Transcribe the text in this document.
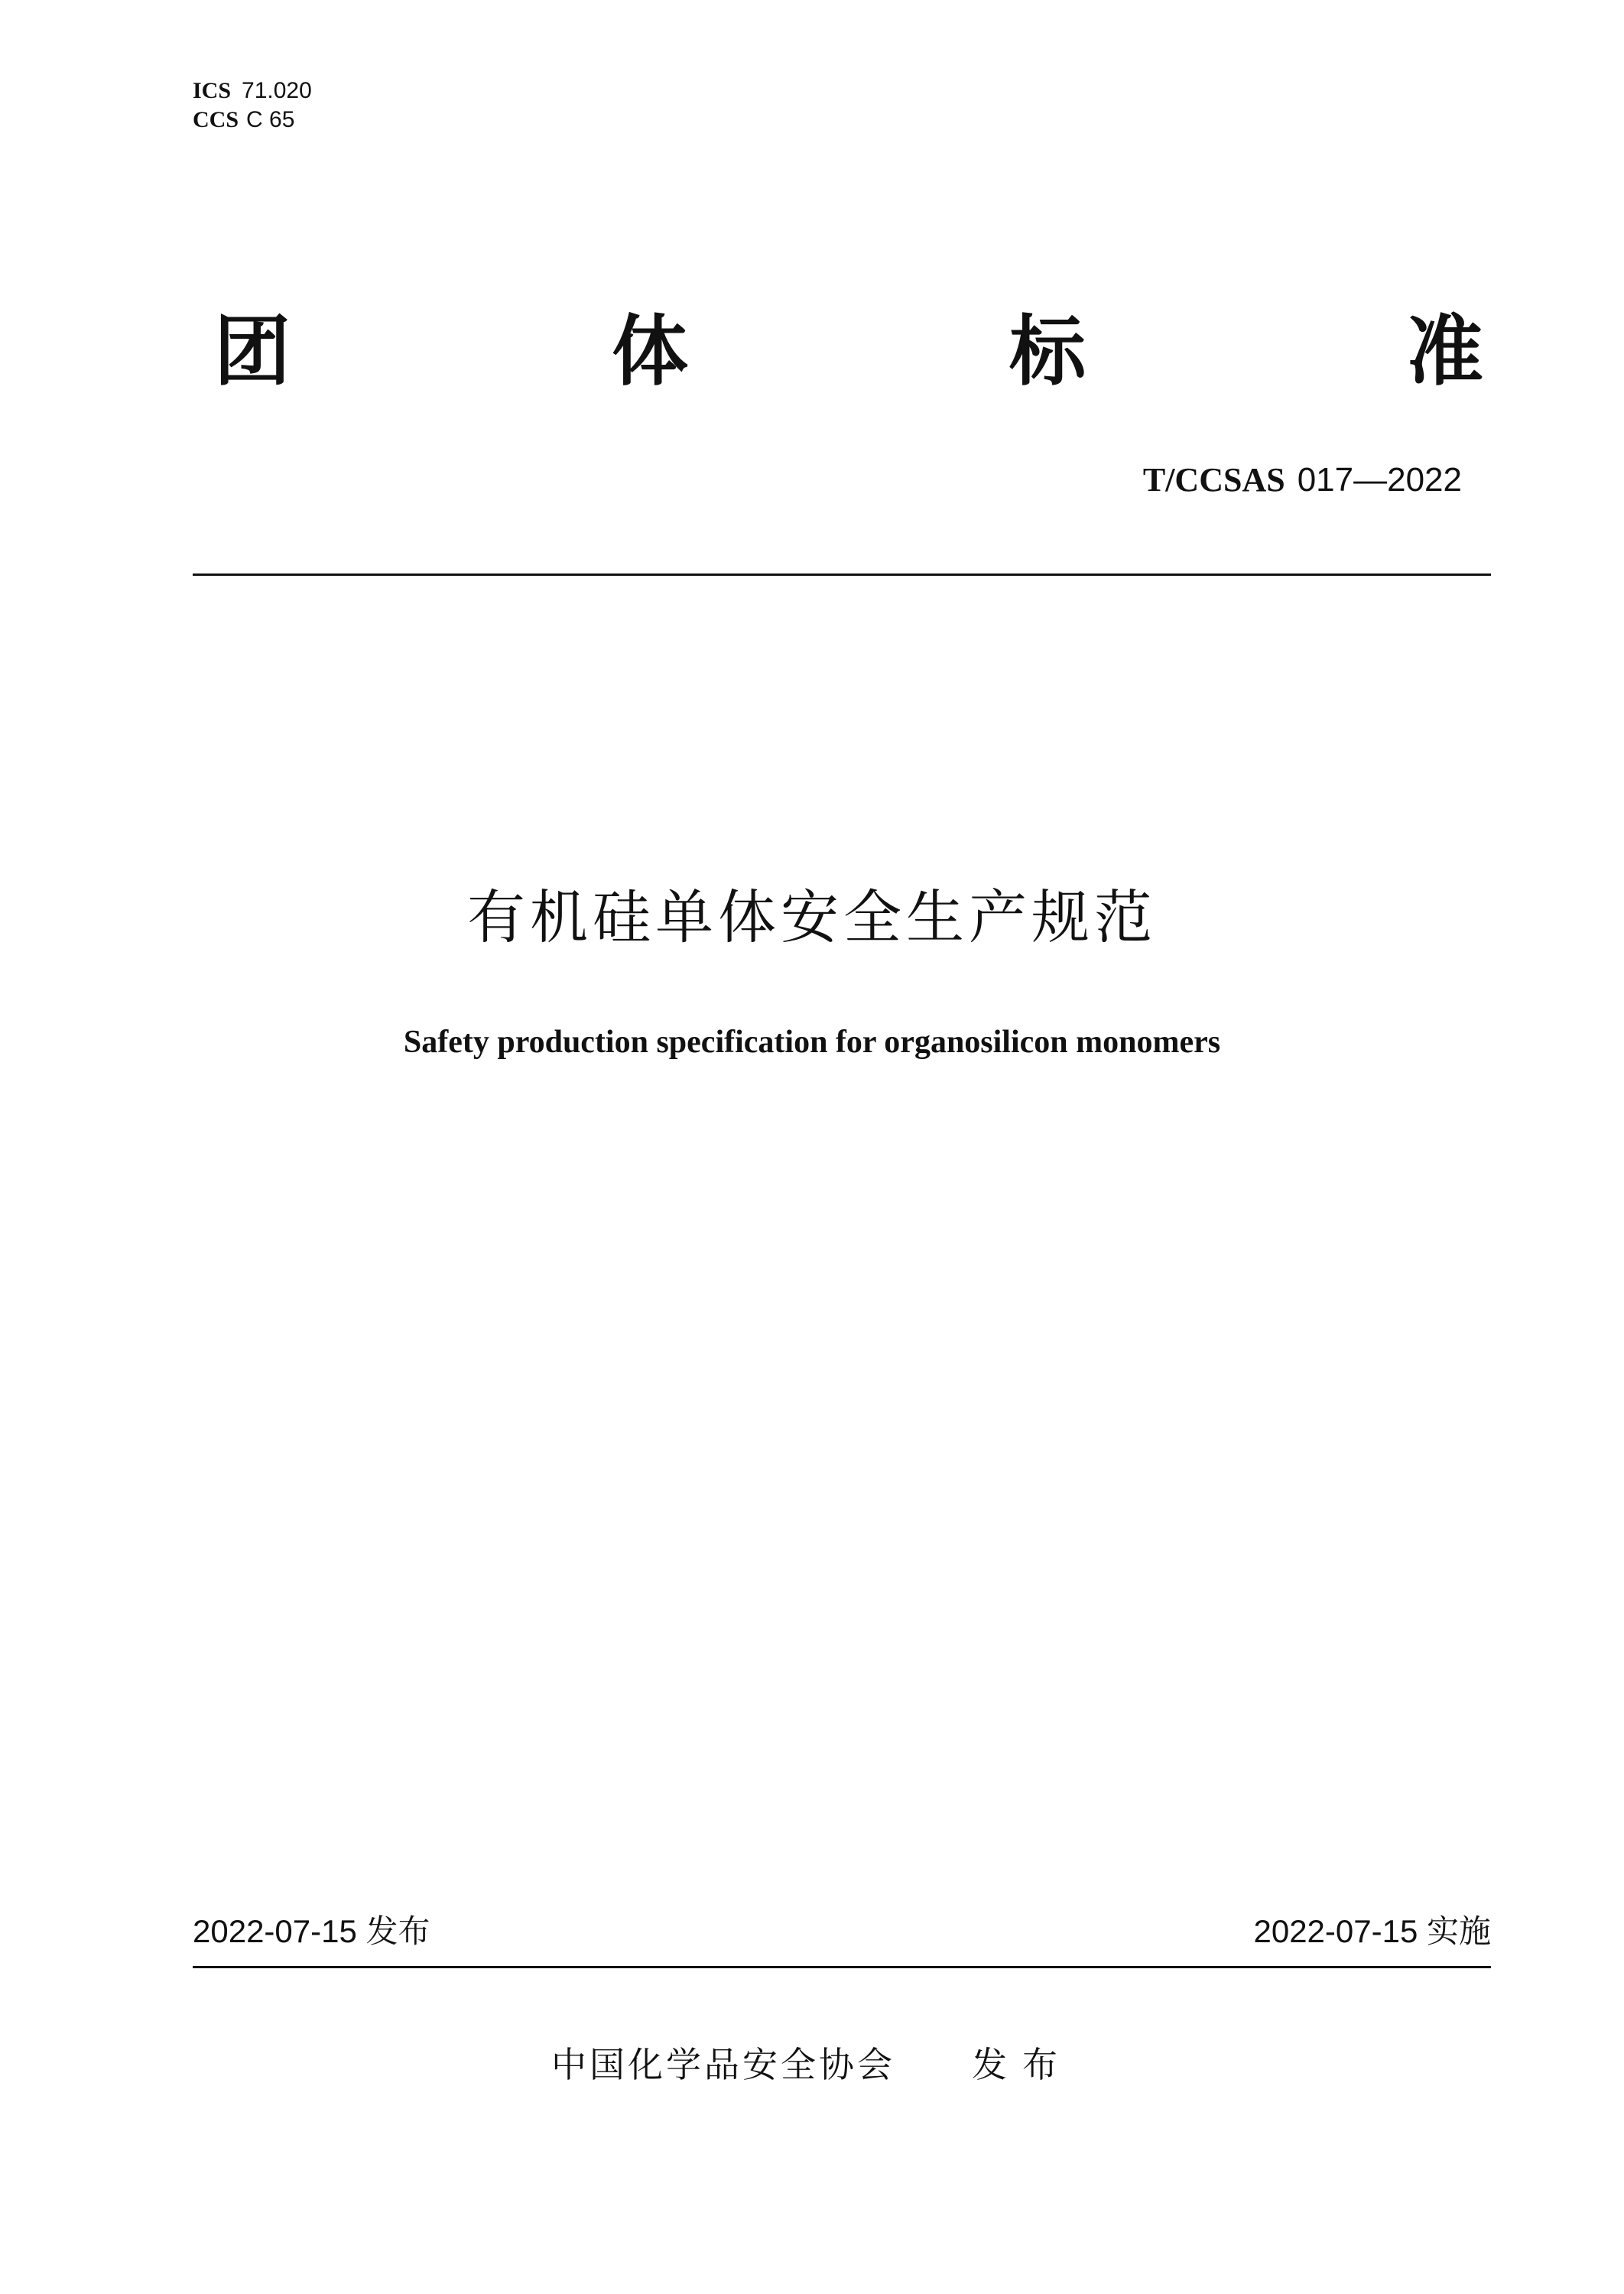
ICS 71.020
CCS C 65
团	体	标	准
T/CCSAS 017—2022
有机硅单体安全生产规范
Safety production specification for organosilicon monomers
2022-07-15 发布	2022-07-15 实施
中国化学品安全协会 发布
